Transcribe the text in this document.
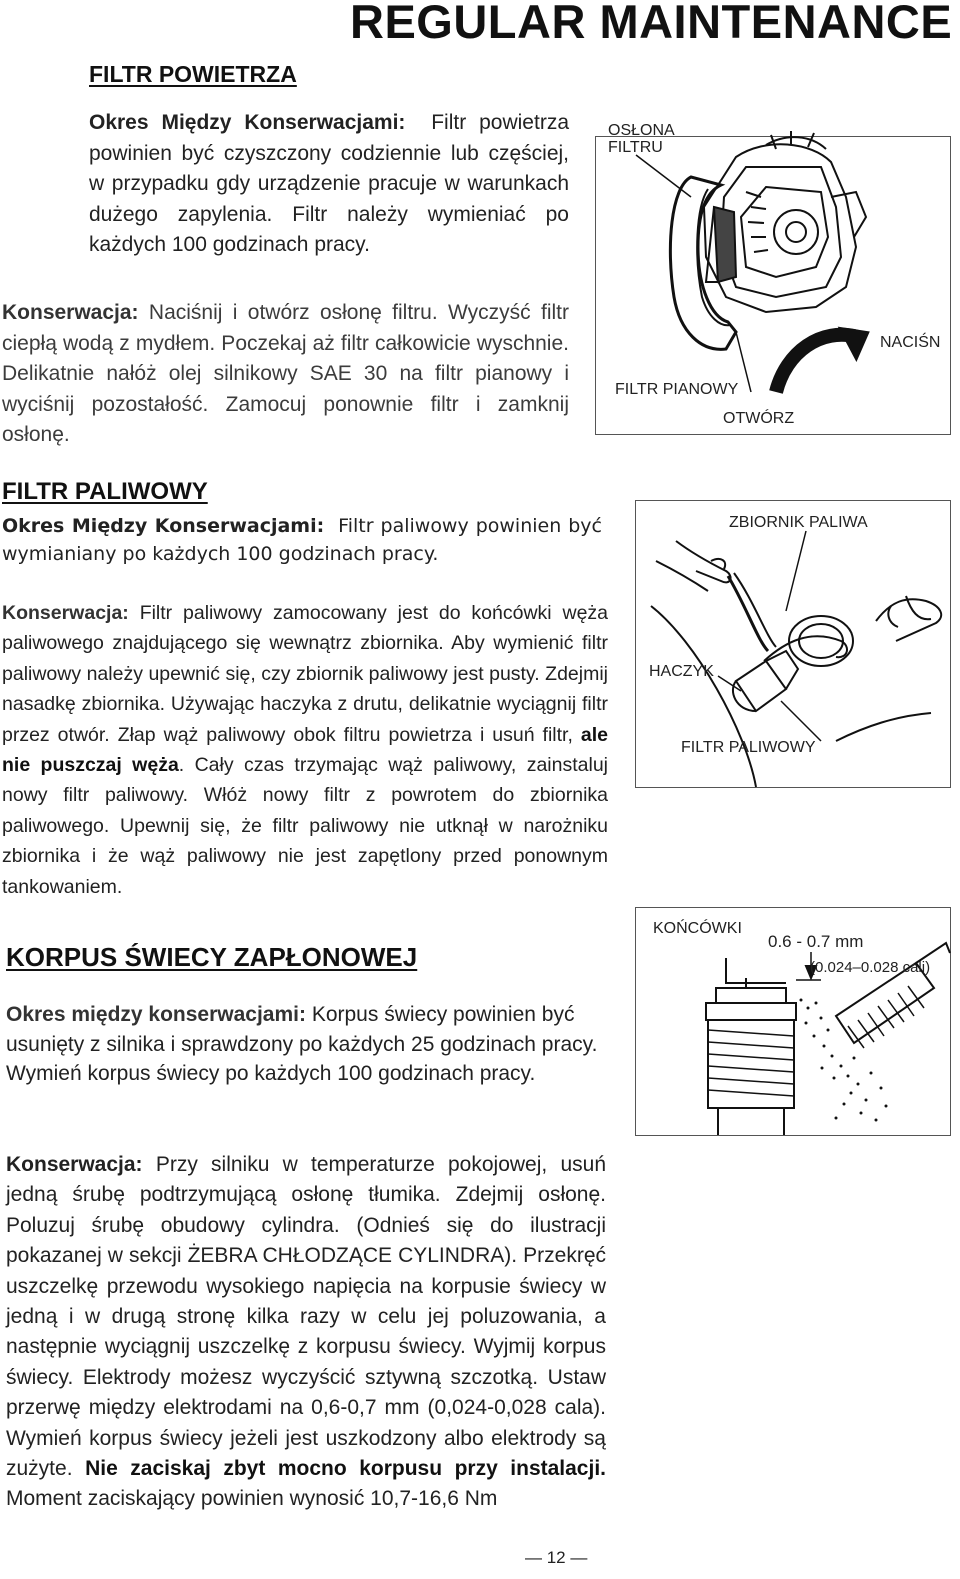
REGULAR MAINTENANCE
FILTR POWIETRZA
Okres Między Konserwacjami: Filtr powietrza powinien być czyszczony codziennie lub częściej, w przypadku gdy urządzenie pracuje w warunkach dużego zapylenia. Filtr należy wymieniać po każdych 100 godzinach pracy.
Konserwacja: Naciśnij i otwórz osłonę filtru. Wyczyść filtr ciepłą wodą z mydłem. Poczekaj aż filtr całkowicie wyschnie. Delikatnie nałóż olej silnikowy SAE 30 na filtr pianowy i wyciśnij pozostałość. Zamocuj ponownie filtr i zamknij osłonę.
OSŁONA
FILTRU
NACIŚN
FILTR PIANOWY
OTWÓRZ
FILTR PALIWOWY
Okres Między Konserwacjami: Filtr paliwowy powinien być wymianiany po każdych 100 godzinach pracy.
Konserwacja: Filtr paliwowy zamocowany jest do końcówki węża paliwowego znajdującego się wewnątrz zbiornika. Aby wymienić filtr paliwowy należy upewnić się, czy zbiornik paliwowy jest pusty. Zdejmij nasadkę zbiornika. Używając haczyka z drutu, delikatnie wyciągnij filtr przez otwór. Złap wąż paliwowy obok filtru powietrza i usuń filtr, ale nie puszczaj węża. Cały czas trzymając wąż paliwowy, zainstaluj nowy filtr paliwowy. Włóż nowy filtr z powrotem do zbiornika paliwowego. Upewnij się, że filtr paliwowy nie utknął w narożniku zbiornika i że wąż paliwowy nie jest zapętlony przed ponownym tankowaniem.
ZBIORNIK PALIWA
HACZYK
FILTR PALIWOWY
KORPUS ŚWIECY ZAPŁONOWEJ
Okres między konserwacjami: Korpus świecy powinien być usunięty z silnika i sprawdzony po każdych 25 godzinach pracy. Wymień korpus świecy po każdych 100 godzinach pracy.
Konserwacja: Przy silniku w temperaturze pokojowej, usuń jedną śrubę podtrzymującą osłonę tłumika. Zdejmij osłonę. Poluzuj śrubę obudowy cylindra. (Odnieś się do ilustracji pokazanej w sekcji ŻEBRA CHŁODZĄCE CYLINDRA). Przekręć uszczelkę przewodu wysokiego napięcia na korpusie świecy w jedną i w drugą stronę kilka razy w celu jej poluzowania, a następnie wyciągnij uszczelkę z korpusu świecy. Wyjmij korpus świecy. Elektrody możesz wyczyścić sztywną szczotką. Ustaw przerwę między elektrodami na 0,6-0,7 mm (0,024-0,028 cala). Wymień korpus świecy jeżeli jest uszkodzony albo elektrody są zużyte. Nie zaciskaj zbyt mocno korpusu przy instalacji. Moment zaciskający powinien wynosić 10,7-16,6 Nm
KOŃCÓWKI
0.6 - 0.7 mm
(0.024–0.028 cali)
— 12 —
